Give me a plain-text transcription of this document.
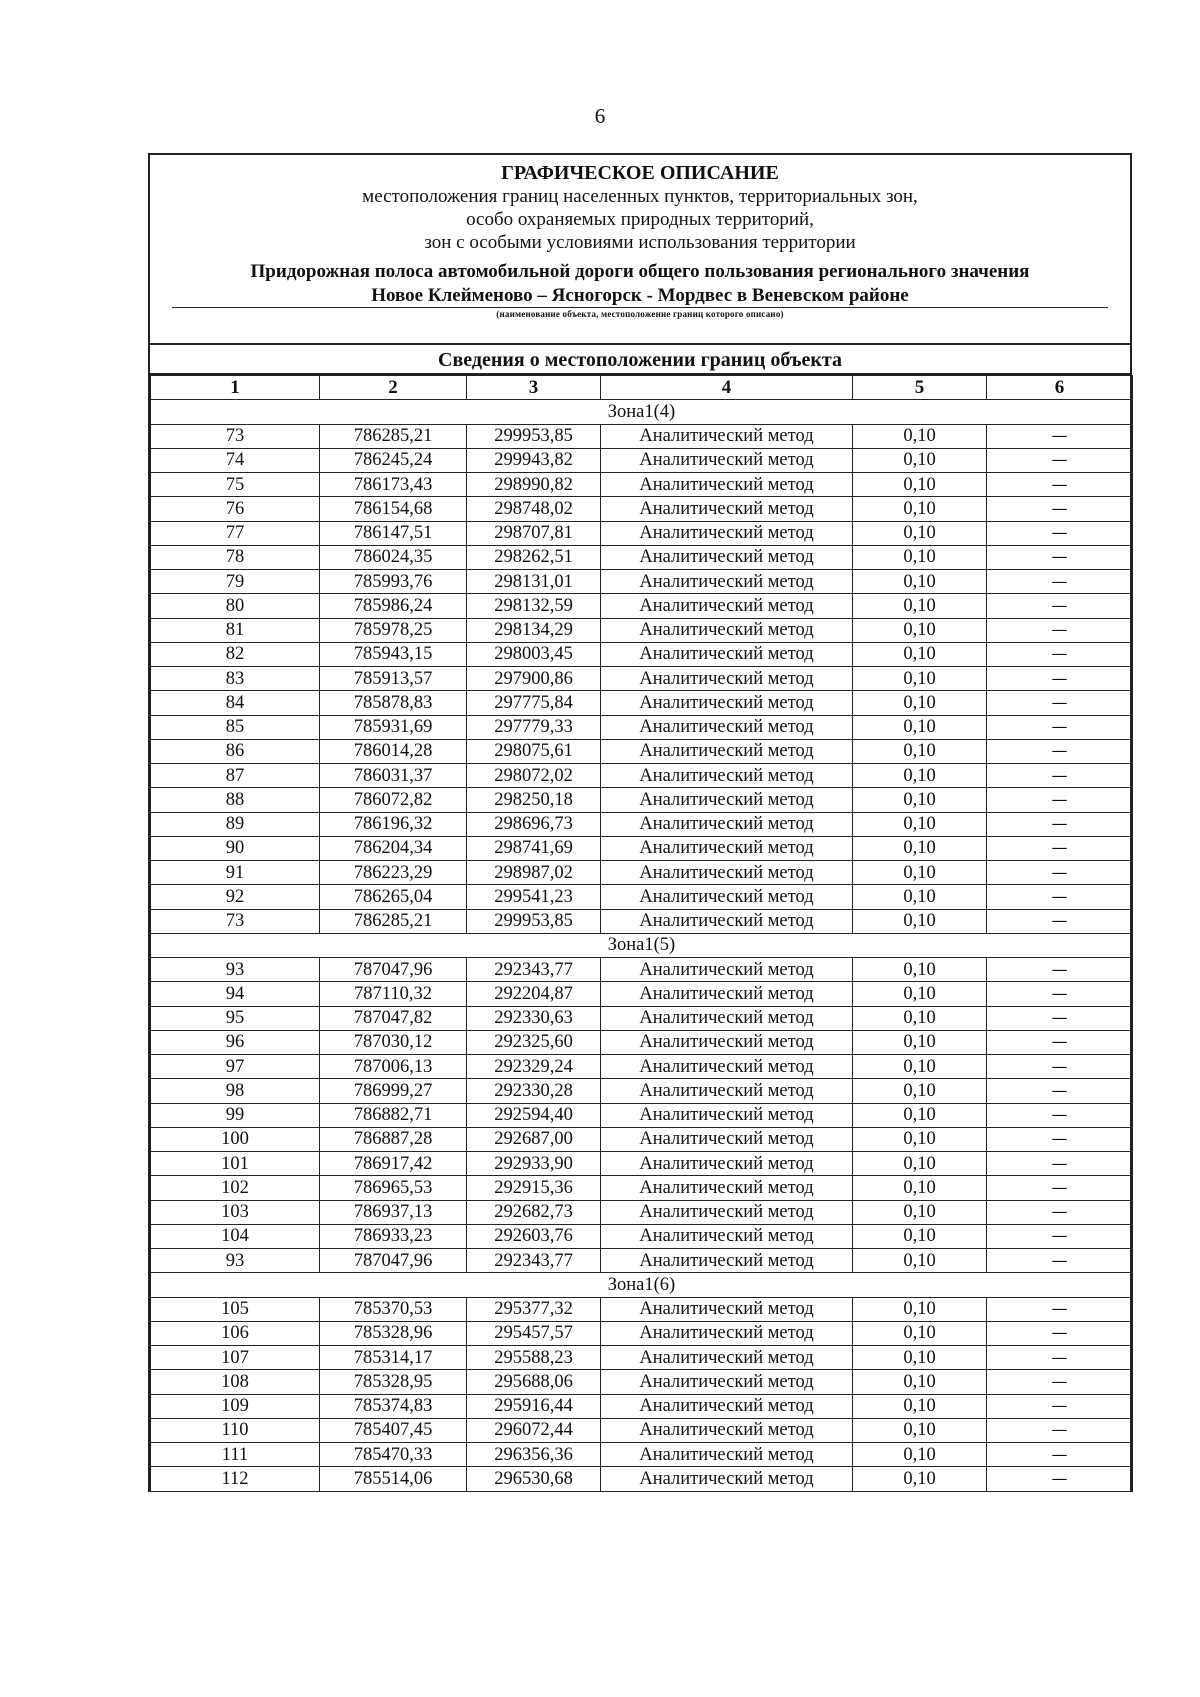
6
ГРАФИЧЕСКОЕ ОПИСАНИЕ
местоположения границ населенных пунктов, территориальных зон,
особо охраняемых природных территорий,
зон с особыми условиями использования территории
Придорожная полоса автомобильной дороги общего пользования регионального значения
Новое Клейменово – Ясногорск - Мордвес в Веневском районе
(наименование объекта, местоположение границ которого описано)
Сведения о местоположении границ объекта
1	2	3	4	5	6
Зона1(4)					
73	786285,21	299953,85	Аналитический метод	0,10	—
74	786245,24	299943,82	Аналитический метод	0,10	—
75	786173,43	298990,82	Аналитический метод	0,10	—
76	786154,68	298748,02	Аналитический метод	0,10	—
77	786147,51	298707,81	Аналитический метод	0,10	—
78	786024,35	298262,51	Аналитический метод	0,10	—
79	785993,76	298131,01	Аналитический метод	0,10	—
80	785986,24	298132,59	Аналитический метод	0,10	—
81	785978,25	298134,29	Аналитический метод	0,10	—
82	785943,15	298003,45	Аналитический метод	0,10	—
83	785913,57	297900,86	Аналитический метод	0,10	—
84	785878,83	297775,84	Аналитический метод	0,10	—
85	785931,69	297779,33	Аналитический метод	0,10	—
86	786014,28	298075,61	Аналитический метод	0,10	—
87	786031,37	298072,02	Аналитический метод	0,10	—
88	786072,82	298250,18	Аналитический метод	0,10	—
89	786196,32	298696,73	Аналитический метод	0,10	—
90	786204,34	298741,69	Аналитический метод	0,10	—
91	786223,29	298987,02	Аналитический метод	0,10	—
92	786265,04	299541,23	Аналитический метод	0,10	—
73	786285,21	299953,85	Аналитический метод	0,10	—
Зона1(5)					
93	787047,96	292343,77	Аналитический метод	0,10	—
94	787110,32	292204,87	Аналитический метод	0,10	—
95	787047,82	292330,63	Аналитический метод	0,10	—
96	787030,12	292325,60	Аналитический метод	0,10	—
97	787006,13	292329,24	Аналитический метод	0,10	—
98	786999,27	292330,28	Аналитический метод	0,10	—
99	786882,71	292594,40	Аналитический метод	0,10	—
100	786887,28	292687,00	Аналитический метод	0,10	—
101	786917,42	292933,90	Аналитический метод	0,10	—
102	786965,53	292915,36	Аналитический метод	0,10	—
103	786937,13	292682,73	Аналитический метод	0,10	—
104	786933,23	292603,76	Аналитический метод	0,10	—
93	787047,96	292343,77	Аналитический метод	0,10	—
Зона1(6)					
105	785370,53	295377,32	Аналитический метод	0,10	—
106	785328,96	295457,57	Аналитический метод	0,10	—
107	785314,17	295588,23	Аналитический метод	0,10	—
108	785328,95	295688,06	Аналитический метод	0,10	—
109	785374,83	295916,44	Аналитический метод	0,10	—
110	785407,45	296072,44	Аналитический метод	0,10	—
111	785470,33	296356,36	Аналитический метод	0,10	—
112	785514,06	296530,68	Аналитический метод	0,10	—
